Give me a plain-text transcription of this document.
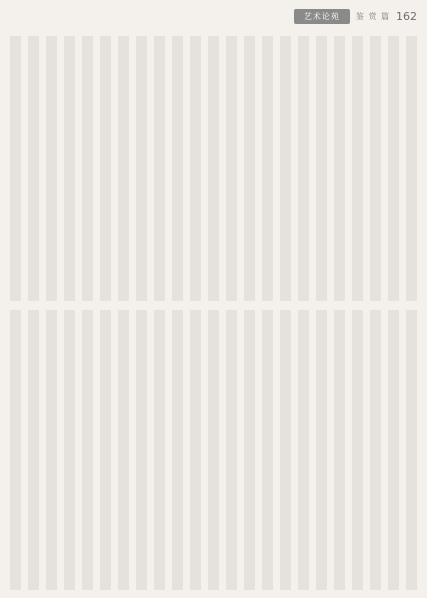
艺术论苑	鉴 赏 篇 162
